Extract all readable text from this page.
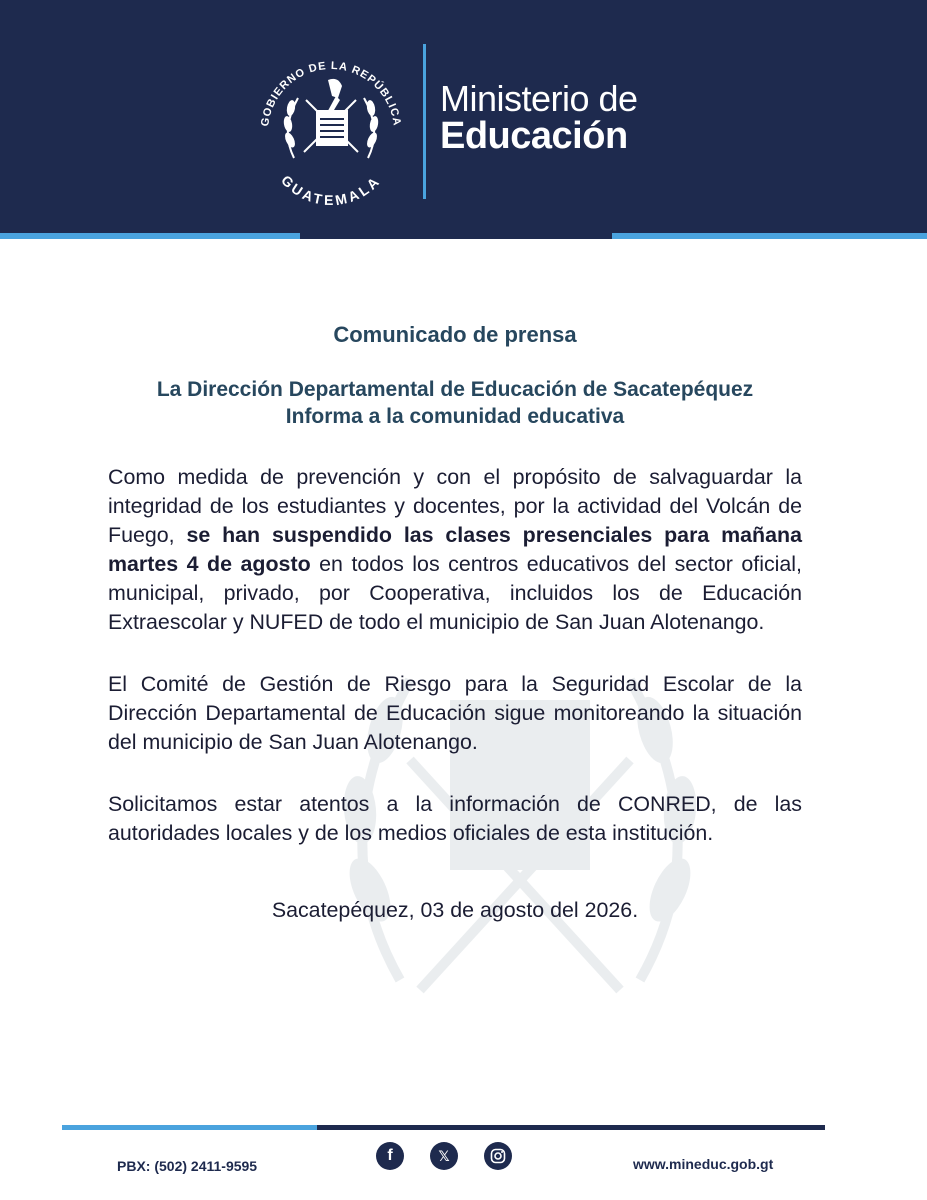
GOBIERNO DE LA REPÚBLICA
GUATEMALA
Ministerio de
Educación
Comunicado de prensa
La Dirección Departamental de Educación de Sacatepéquez
Informa a la comunidad educativa

Como medida de prevención y con el propósito de salvaguardar la integridad de los estudiantes y docentes, por la actividad del Volcán de Fuego, se han suspendido las clases presenciales para mañana martes 4 de agosto en todos los centros educativos del sector oficial, municipal, privado, por Cooperativa, incluidos los de Educación Extraescolar y NUFED de todo el municipio de San Juan Alotenango.

El Comité de Gestión de Riesgo para la Seguridad Escolar de la Dirección Departamental de Educación sigue monitoreando la situación del municipio de San Juan Alotenango.

Solicitamos estar atentos a la información de CONRED, de las autoridades locales y de los medios oficiales de esta institución.

Sacatepéquez, 03 de agosto del 2026.

PBX: (502) 2411-9595
f	𝕏
www.mineduc.gob.gt
